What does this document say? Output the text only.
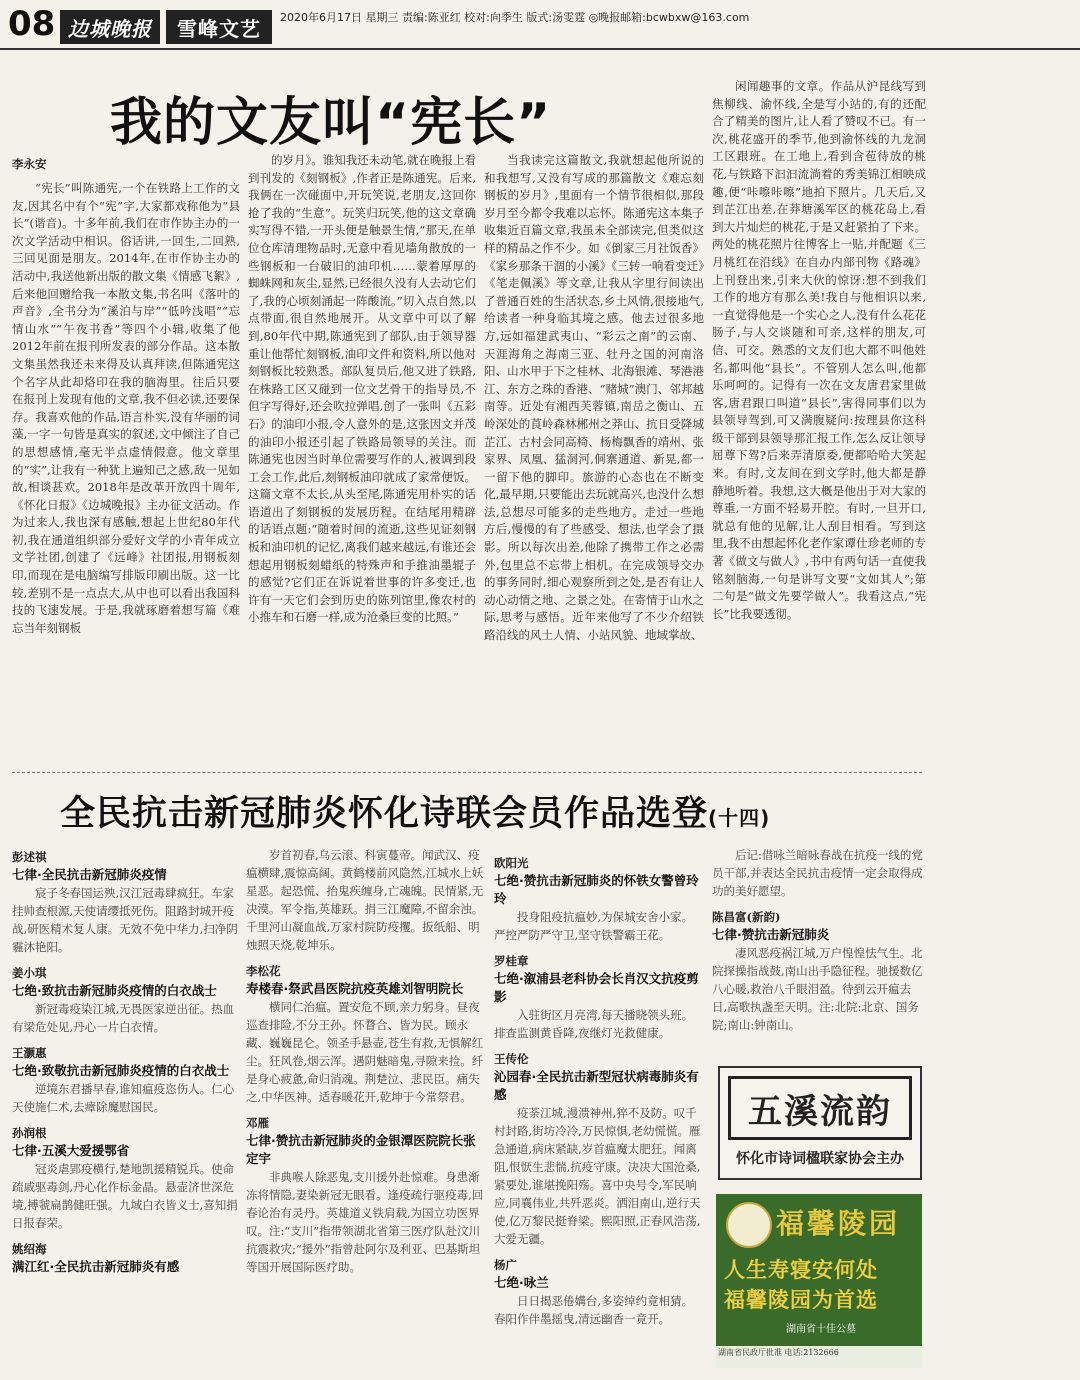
08 边城晚报	雪峰文艺	2020年6月17日 星期三 责编:陈亚红 校对:向季生 版式:汤雯霆 ◎晚报邮箱:bcwbxw@163.com
我的文友叫“宪长”
李永安

“宪长”叫陈通宪,一个在铁路上工作的文友,因其名中有个“宪”字,大家都戏称他为“县长”(谐音)。十多年前,我们在市作协主办的一次文学活动中相识。俗话讲,一回生,二回熟,三回见面是朋友。2014年,在市作协主办的活动中,我送他新出版的散文集《情感飞絮》,后来他回赠给我一本散文集,书名叫《落叶的声音》,全书分为“溪泊与岸”“低吟浅唱”“忘情山水”“午夜书香”等四个小辑,收集了他2012年前在报刊所发表的部分作品。这本散文集虽然我还未来得及认真拜读,但陈通宪这个名字从此却烙印在我的脑海里。往后只要在报刊上发现有他的文章,我不但必读,还要保存。我喜欢他的作品,语言朴实,没有华丽的词藻,一字一句皆是真实的叙述,文中倾注了自己的思想感情,毫无半点虚情假意。他文章里的“实”,让我有一种犹上遍知己之感,敌一见如故,相谈甚欢。2018年是改革开放四十周年,《怀化日报》《边城晚报》主办征文活动。作为过来人,我也深有感触,想起上世纪80年代初,我在通道组织部分爱好文学的小青年成立文学社团,创建了《远峰》社团报,用钢板刻印,而现在是电脑编写排版印刷出版。这一比较,差别不是一点点大,从中也可以看出我国科技的飞速发展。于是,我就琢磨着想写篇《难忘当年刻钢板

的岁月》。谁知我还未动笔,就在晚报上看到刊发的《刻钢板》,作者正是陈通宪。后来,我俩在一次碰面中,开玩笑说,老朋友,这回你抢了我的“生意”。玩笑归玩笑,他的这文章确实写得不错,一开头便是触景生情,“那天,在单位仓库清理物品时,无意中看见墙角散放的一些钢板和一台破旧的油印机……蒙着厚厚的蜘蛛网和灰尘,显然,已经很久没有人去动它们了,我的心顷刻涌起一阵酸流。”切入点自然,以点带面,很自然地展开。从文章中可以了解到,80年代中期,陈通宪到了部队,由于领导器重让他帮忙刻钢板,油印文件和资料,所以他对刻钢板比较熟悉。部队复员后,他又进了铁路,在株路工区又碰到一位文艺骨干的指导员,不但字写得好,还会吹拉弹唱,创了一张叫《五彩石》的油印小报,令人意外的是,这张因文并茂的油印小报还引起了铁路局领导的关注。而陈通宪也因当时单位需要写作的人,被调到段工会工作,此后,刻钢板油印就成了家常便饭。这篇文章不太长,从头至尾,陈通宪用朴实的话语道出了刻钢板的发展历程。在结尾用精辟的话语点题:“随着时间的流逝,这些见证刻钢板和油印机的记忆,离我们越来越远,有谁还会想起用钢板刻蜡纸的特殊声和手推油墨辊子的感觉?它们正在诉说着世事的许多变迁,也许有一天它们会到历史的陈列馆里,像农村的小推车和石磨一样,成为沧桑巨变的比照。”

当我读完这篇散文,我就想起他所说的和我想写,又没有写成的那篇散文《难忘刻钢板的岁月》,里面有一个情节很相似,那段岁月至今都令我难以忘怀。陈通宪这本集子收集近百篇文章,我虽未全部读完,但类似这样的精品之作不少。如《倒家三月社饭香》《家乡那条干涸的小溪》《三转一响看变迁》《笔走佩溪》等文章,让我从字里行间读出了普通百姓的生活状态,乡土风情,很接地气,给读者一种身临其境之感。他去过很多地方,远如福建武夷山、“彩云之南”的云南、天涯海角之海南三亚、牡丹之国的河南洛阳、山水甲于下之桂林、北海银滩、琴港港江、东方之珠的香港、“赌城”澳门、邻邦越南等。近处有湘西芙蓉镇,南岳之衡山、五岭深处的莨岭森林郴州之莽山、抗日受降城芷江、古村会同高椅、杨梅飘香的靖州、张家界、凤凰、猛洞河,侗寨通道、新晃,都一一留下他的脚印。旅游的心态也在不断变化,最早期,只要能出去玩就高兴,也没什么想法,总想尽可能多的走些地方。走过一些地方后,慢慢的有了些感受、想法,也学会了摄影。所以每次出差,他除了携带工作之必需外,包里总不忘带上相机。在完成领导交办的事务同时,细心观察所到之处,是否有让人动心动情之地、之景之处。在寄情于山水之际,思考与感悟。近年来他写了不少介绍铁路沿线的风土人情、小站风貌、地域掌故、

闲闻趣事的文章。作品从沪昆线写到焦柳线、渝怀线,全是写小站的,有的还配合了精美的图片,让人看了赞叹不已。有一次,桃花盛开的季节,他到渝怀线的九龙洞工区跟班。在工地上,看到含苞待放的桃花,与铁路下汩汩流淌着的秀美锦江相映成趣,便“咔嚓咔嚓”地拍下照片。几天后,又到芷江出差,在莽塘溪军区的桃花岛上,看到大片灿烂的桃花,于是又赶紧拍了下来。两处的桃花照片往博客上一贴,并配题《三月桃红在沿线》在自办内部刊物《路魂》上刊登出来,引来大伙的惊讶:想不到我们工作的地方有那么美!我自与他相识以来,一直觉得他是一个实心之人,没有什么花花肠子,与人交谈随和可亲,这样的朋友,可信、可交。熟悉的文友们也大都不叫他姓名,都叫他“县长”。不管别人怎么叫,他都乐呵呵的。记得有一次在文友唐君家里做客,唐君跟口叫道“县长”,害得同事们以为县领导驾到,可又满腹疑问:按理县你这科级干部到县领导那汇报工作,怎么反让领导屈尊下驾?后来弄清原委,便都哈哈大笑起来。有时,文友间在到文学时,他大都是静静地听着。我想,这大概是他出于对大家的尊重,一方面不轻易开腔。有时,一旦开口,就总有他的见解,让人刮目相看。写到这里,我不由想起怀化老作家谭仕珍老师的专著《做文与做人》,书中有两句话一直使我铭刻脑海,一句是讲写文要“文如其人”;第二句是“做文先要学做人”。我看这点,“宪长”比我要透彻。

全民抗击新冠肺炎怀化诗联会员作品选登(十四)
彭述祺
七律·全民抗击新冠肺炎疫情
宸子冬春国运殃,汉江冠毒肆疯狂。车家挂帅查根源,天使请缨抵死伤。阻路封城开疫战,研医精术复人康。无效不免中华力,扫净阴霾沐艳阳。
姜小琪
七绝·致抗击新冠肺炎疫情的白衣战士
新冠毒疫染江城,无畏医家逆出征。热血有梁危处见,丹心一片白衣情。
王灏惠
七绝·致敬抗击新冠肺炎疫情的白衣战士
逆境东君播早春,谁知瘟疫恣伤人。仁心天使施仁术,去瘴除魔慰国民。
孙润根
七律·五溪大爱援鄂省
冠炎虐郢疫横行,楚地凯援精锐兵。使命疏戚驱毒剑,丹心化作标金晶。悬壶济世深危境,搏虢扁鹊健旺强。九域白衣皆义士,喜知捐日报春荣。
姚绍海
满江红·全民抗击新冠肺炎有感
岁首初春,乌云滚、科寅蔓帝。闻武汉、疫瘟横肆,震惊高阔。黄鹤楼前风隐然,江城水上妖星恶。起恐慌、抬鬼疾缠身,亡魂魄。民情紧,无决漠。军令指,英雄跃。捐三江魔障,不留余浊。千里河山凝血战,万家村院防疫攫。扳纸船、明烛照天烧,乾坤乐。
李松花
寿楼春·祭武昌医院抗疫英雄刘智明院长
横同仁治瘟。置安危不顾,亲力躬身。昼夜巡查排险,不分王孙。怀瞀合、皆为民。顾永藏、巍巍昆仑。领圣手悬壶,苍生有救,无惧解红尘。狂风卷,烟云浑。遇阴魅暗鬼,寻隙来捡。纤是身心疲惫,命归消魂。荆楚泣、悲民臣。痛失之,中华医神。适春暖花开,乾坤于今常祭君。
邓雁
七律·赞抗击新冠肺炎的金银潭医院院长张定宇
非典喉人除恶鬼,支川援外赴惊难。身患渐冻将情隐,妻染新冠无眼看。逢疫疏行驱疫毒,回春论治有灵丹。英雄道义铁肩载,为国立功医界叹。注:“支川”指带领湖北省第三医疗队赴汶川抗震救灾;“援外”指曾赴阿尔及利亚、巴基斯坦等国开展国际医疗助。
欧阳光
七绝·赞抗击新冠肺炎的怀铁女警曾玲玲
投身阻疫抗瘟妙,为保城安舍小家。严控严防严守卫,坚守铁警霸王花。
罗桂章
七绝·溆浦县老科协会长肖汉文抗疫剪影
入驻街区月亮湾,每天播晓领头班。排查监测黄昏降,夜继灯光救健康。
王传伦
沁园春·全民抗击新型冠状病毒肺炎有感
疫荼江城,漫溃神州,猝不及防。叹千村封路,街坊冷冷,万民惊惧,老幼慌慌。雁急通道,病床紧缺,岁首瘟魔太肥狂。闻离阻,恨恹生悲惴,抗疫守康。决决大国沧桑,紧要处,谁堪挽阳殇。喜中央号令,军民响应,同襄伟业,共歼恶炎。洒泪南山,逆行天使,亿万黎民挺脊梁。熙阳照,正春风浩荡,大爱无疆。
杨广
七绝·咏兰
日日揭恶倦媾台,多姿绰约竟相猜。春阳作伴墨摇曳,清远幽香一竟开。
后记:借咏兰暗咏春战在抗疫一线的党员干部,并表达全民抗击疫情一定会取得成功的美好愿望。
陈昌富(新韵)
七律·赞抗击新冠肺炎
凄风恶疫祸江城,万户惶惶怯气生。北院探操指战鼓,南山出手隐征程。驰援数亿八心暖,救治八千眼泪盈。待到云开瘟去日,高歌执盏至天明。注:北院:北京、国务院;南山:钟南山。
五溪流韵
怀化市诗词楹联家协会主办
福馨陵园
人生寿寝安何处
福馨陵园为首选
湖南省十佳公墓
湖南省民政厅批准 电话:2132666
